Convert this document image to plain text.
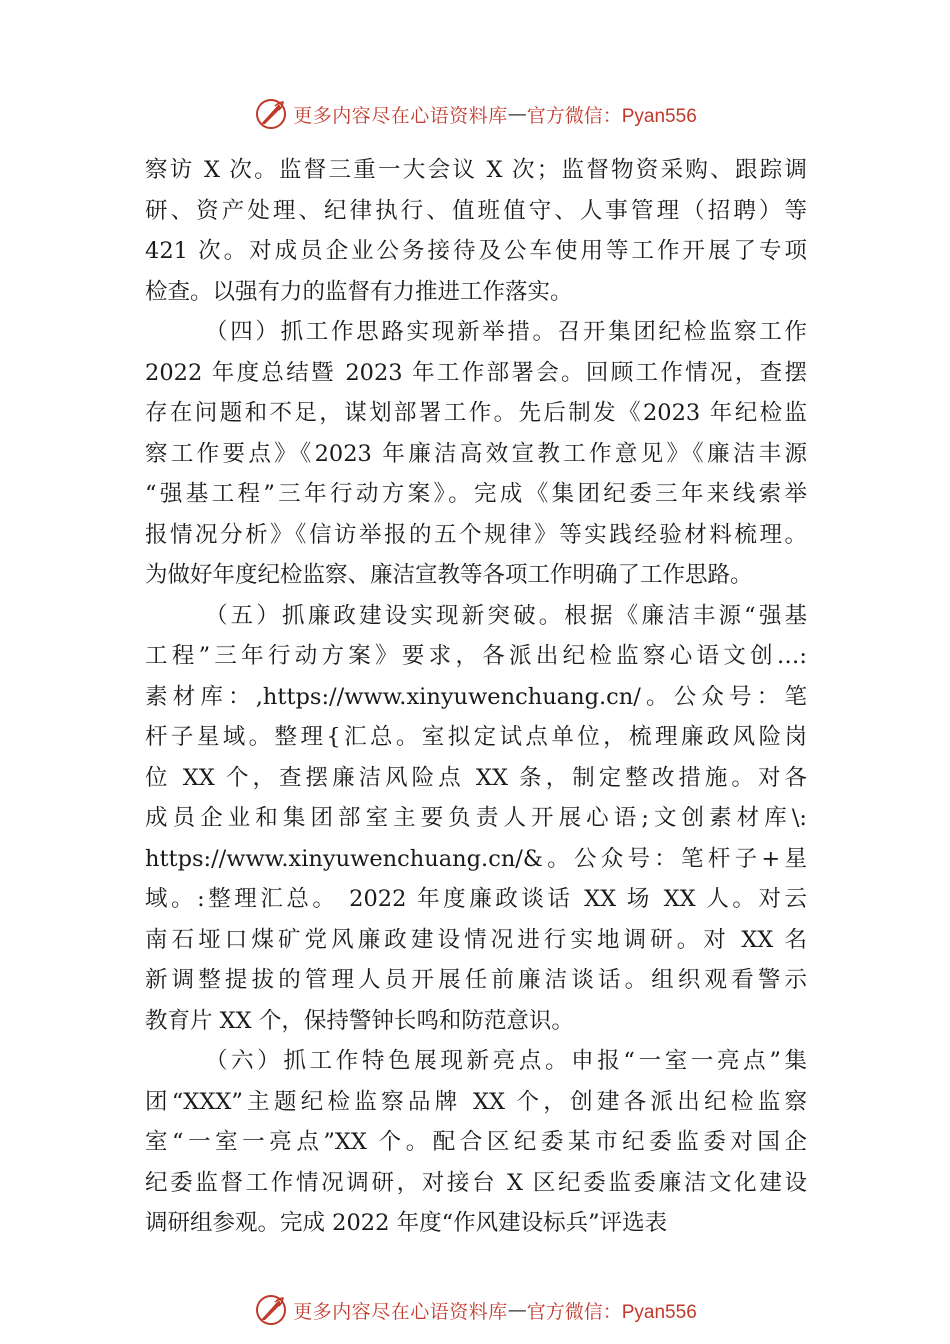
更多内容尽在心语资料库 — 官方微信：Pyan556
察访 X 次。监督三重一大会议 X 次；监督物资采购、跟踪调
研、资产处理、纪律执行、值班值守、人事管理（招聘）等
421 次。对成员企业公务接待及公车使用等工作开展了专项
检查。以强有力的监督有力推进工作落实。
（四）抓工作思路实现新举措。召开集团纪检监察工作
2022 年度总结暨 2023 年工作部署会。回顾工作情况，查摆
存在问题和不足，谋划部署工作。先后制发《2023 年纪检监
察工作要点》《2023 年廉洁高效宣教工作意见》《廉洁丰源
“强基工程”三年行动方案》。完成《集团纪委三年来线索举
报情况分析》《信访举报的五个规律》等实践经验材料梳理。
为做好年度纪检监察、廉洁宣教等各项工作明确了工作思路。
（五）抓廉政建设实现新突破。根据《廉洁丰源“强基
工程”三年行动方案》要求，各派出纪检监察心语文创…:
素材库：,https://www.xinyuwenchuang.cn/。公众号：笔
杆子星域。整理{汇总。室拟定试点单位，梳理廉政风险岗
位 XX 个，查摆廉洁风险点 XX 条，制定整改措施。对各
成员企业和集团部室主要负责人开展心语;文创素材库\:
https://www.xinyuwenchuang.cn/&。公众号：笔杆子+星
域。:整理汇总。 2022 年度廉政谈话 XX 场 XX 人。对云
南石垭口煤矿党风廉政建设情况进行实地调研。对 XX 名
新调整提拔的管理人员开展任前廉洁谈话。组织观看警示
教育片 XX 个，保持警钟长鸣和防范意识。
（六）抓工作特色展现新亮点。申报“一室一亮点”集
团“XXX”主题纪检监察品牌 XX 个，创建各派出纪检监察
室“一室一亮点”XX 个。配合区纪委某市纪委监委对国企
纪委监督工作情况调研，对接台 X 区纪委监委廉洁文化建设
调研组参观。完成 2022 年度“作风建设标兵”评选表
更多内容尽在心语资料库 — 官方微信：Pyan556
